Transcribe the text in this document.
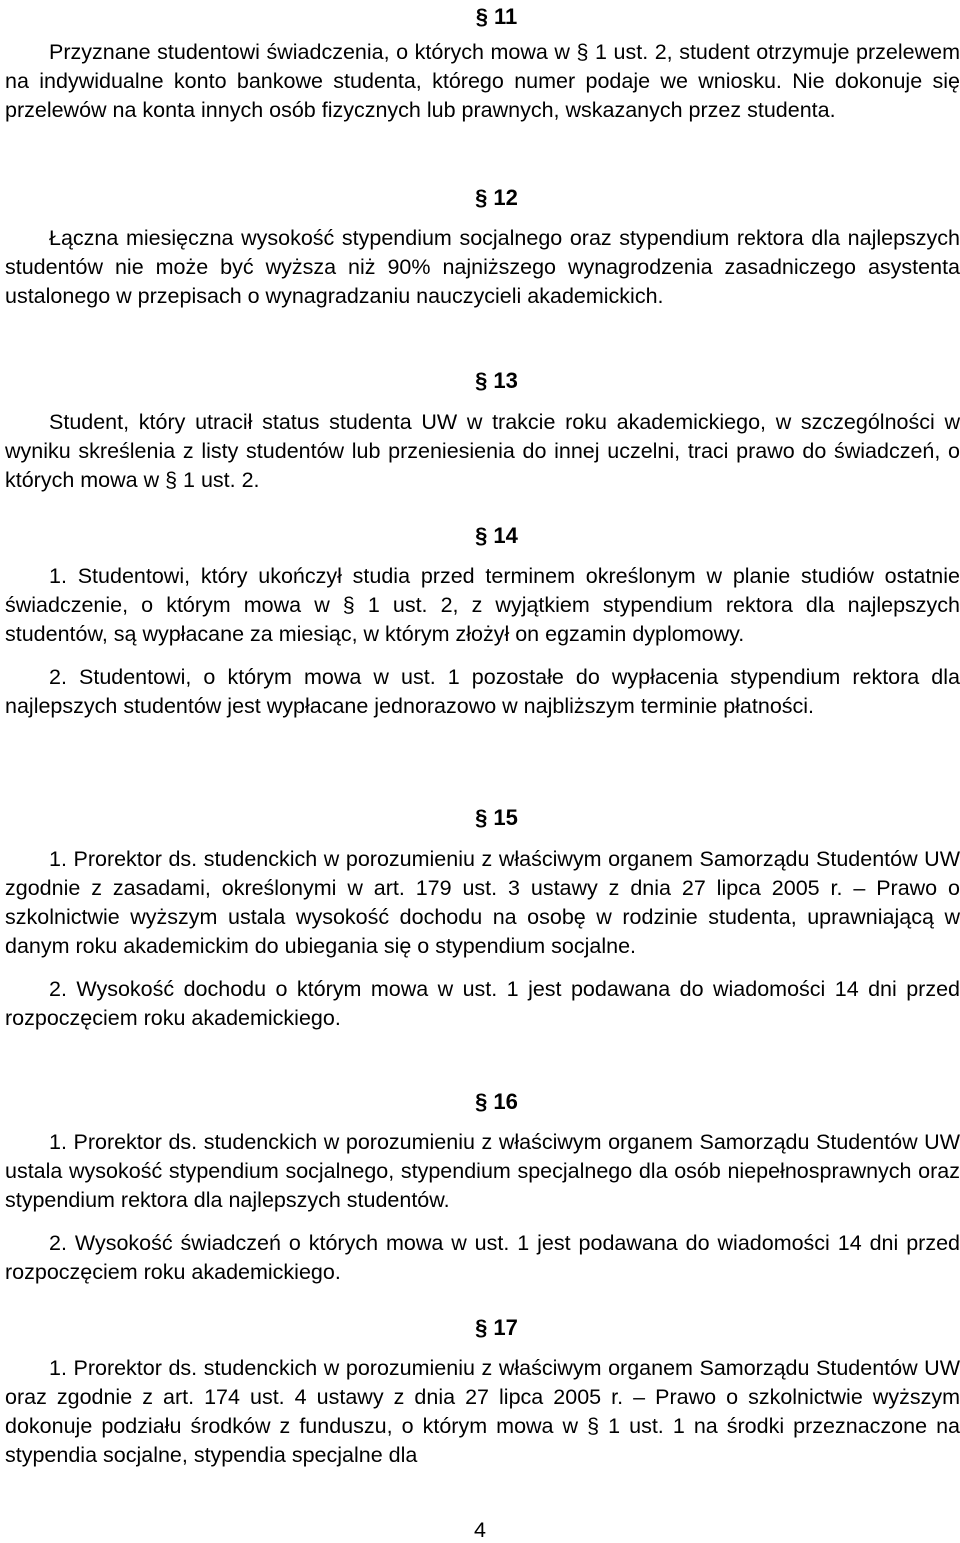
§ 11

Przyznane studentowi świadczenia, o których mowa w § 1 ust. 2, student otrzymuje przelewem na indywidualne konto bankowe studenta, którego numer podaje we wniosku. Nie dokonuje się przelewów na konta innych osób fizycznych lub prawnych, wskazanych przez studenta.

§ 12

Łączna miesięczna wysokość stypendium socjalnego oraz stypendium rektora dla najlepszych studentów nie może być wyższa niż 90% najniższego wynagrodzenia zasadniczego asystenta ustalonego w przepisach o wynagradzaniu nauczycieli akademickich.

§ 13

Student, który utracił status studenta UW w trakcie roku akademickiego, w szczególności w wyniku skreślenia z listy studentów lub przeniesienia do innej uczelni, traci prawo do świadczeń, o których mowa w § 1 ust. 2.

§ 14

1. Studentowi, który ukończył studia przed terminem określonym w planie studiów ostatnie świadczenie, o którym mowa w § 1 ust. 2, z wyjątkiem stypendium rektora dla najlepszych studentów, są wypłacane za miesiąc, w którym złożył on egzamin dyplomowy.

2. Studentowi, o którym mowa w ust. 1 pozostałe do wypłacenia stypendium rektora dla najlepszych studentów jest wypłacane jednorazowo w najbliższym terminie płatności.

§ 15

1. Prorektor ds. studenckich w porozumieniu z właściwym organem Samorządu Studentów UW zgodnie z zasadami, określonymi w art. 179 ust. 3 ustawy z dnia 27 lipca 2005 r. – Prawo o szkolnictwie wyższym ustala wysokość dochodu na osobę w rodzinie studenta, uprawniającą w danym roku akademickim do ubiegania się o stypendium socjalne.

2. Wysokość dochodu o którym mowa w ust. 1 jest podawana do wiadomości 14 dni przed rozpoczęciem roku akademickiego.

§ 16

1. Prorektor ds. studenckich w porozumieniu z właściwym organem Samorządu Studentów UW ustala wysokość stypendium socjalnego, stypendium specjalnego dla osób niepełnosprawnych oraz stypendium rektora dla najlepszych studentów.

2. Wysokość świadczeń o których mowa w ust. 1 jest podawana do wiadomości 14 dni przed rozpoczęciem roku akademickiego.

§ 17

1. Prorektor ds. studenckich w porozumieniu z właściwym organem Samorządu Studentów UW oraz zgodnie z art. 174 ust. 4 ustawy z dnia 27 lipca 2005 r. – Prawo o szkolnictwie wyższym dokonuje podziału środków z funduszu, o którym mowa w § 1 ust. 1 na środki przeznaczone na stypendia socjalne, stypendia specjalne dla

4
